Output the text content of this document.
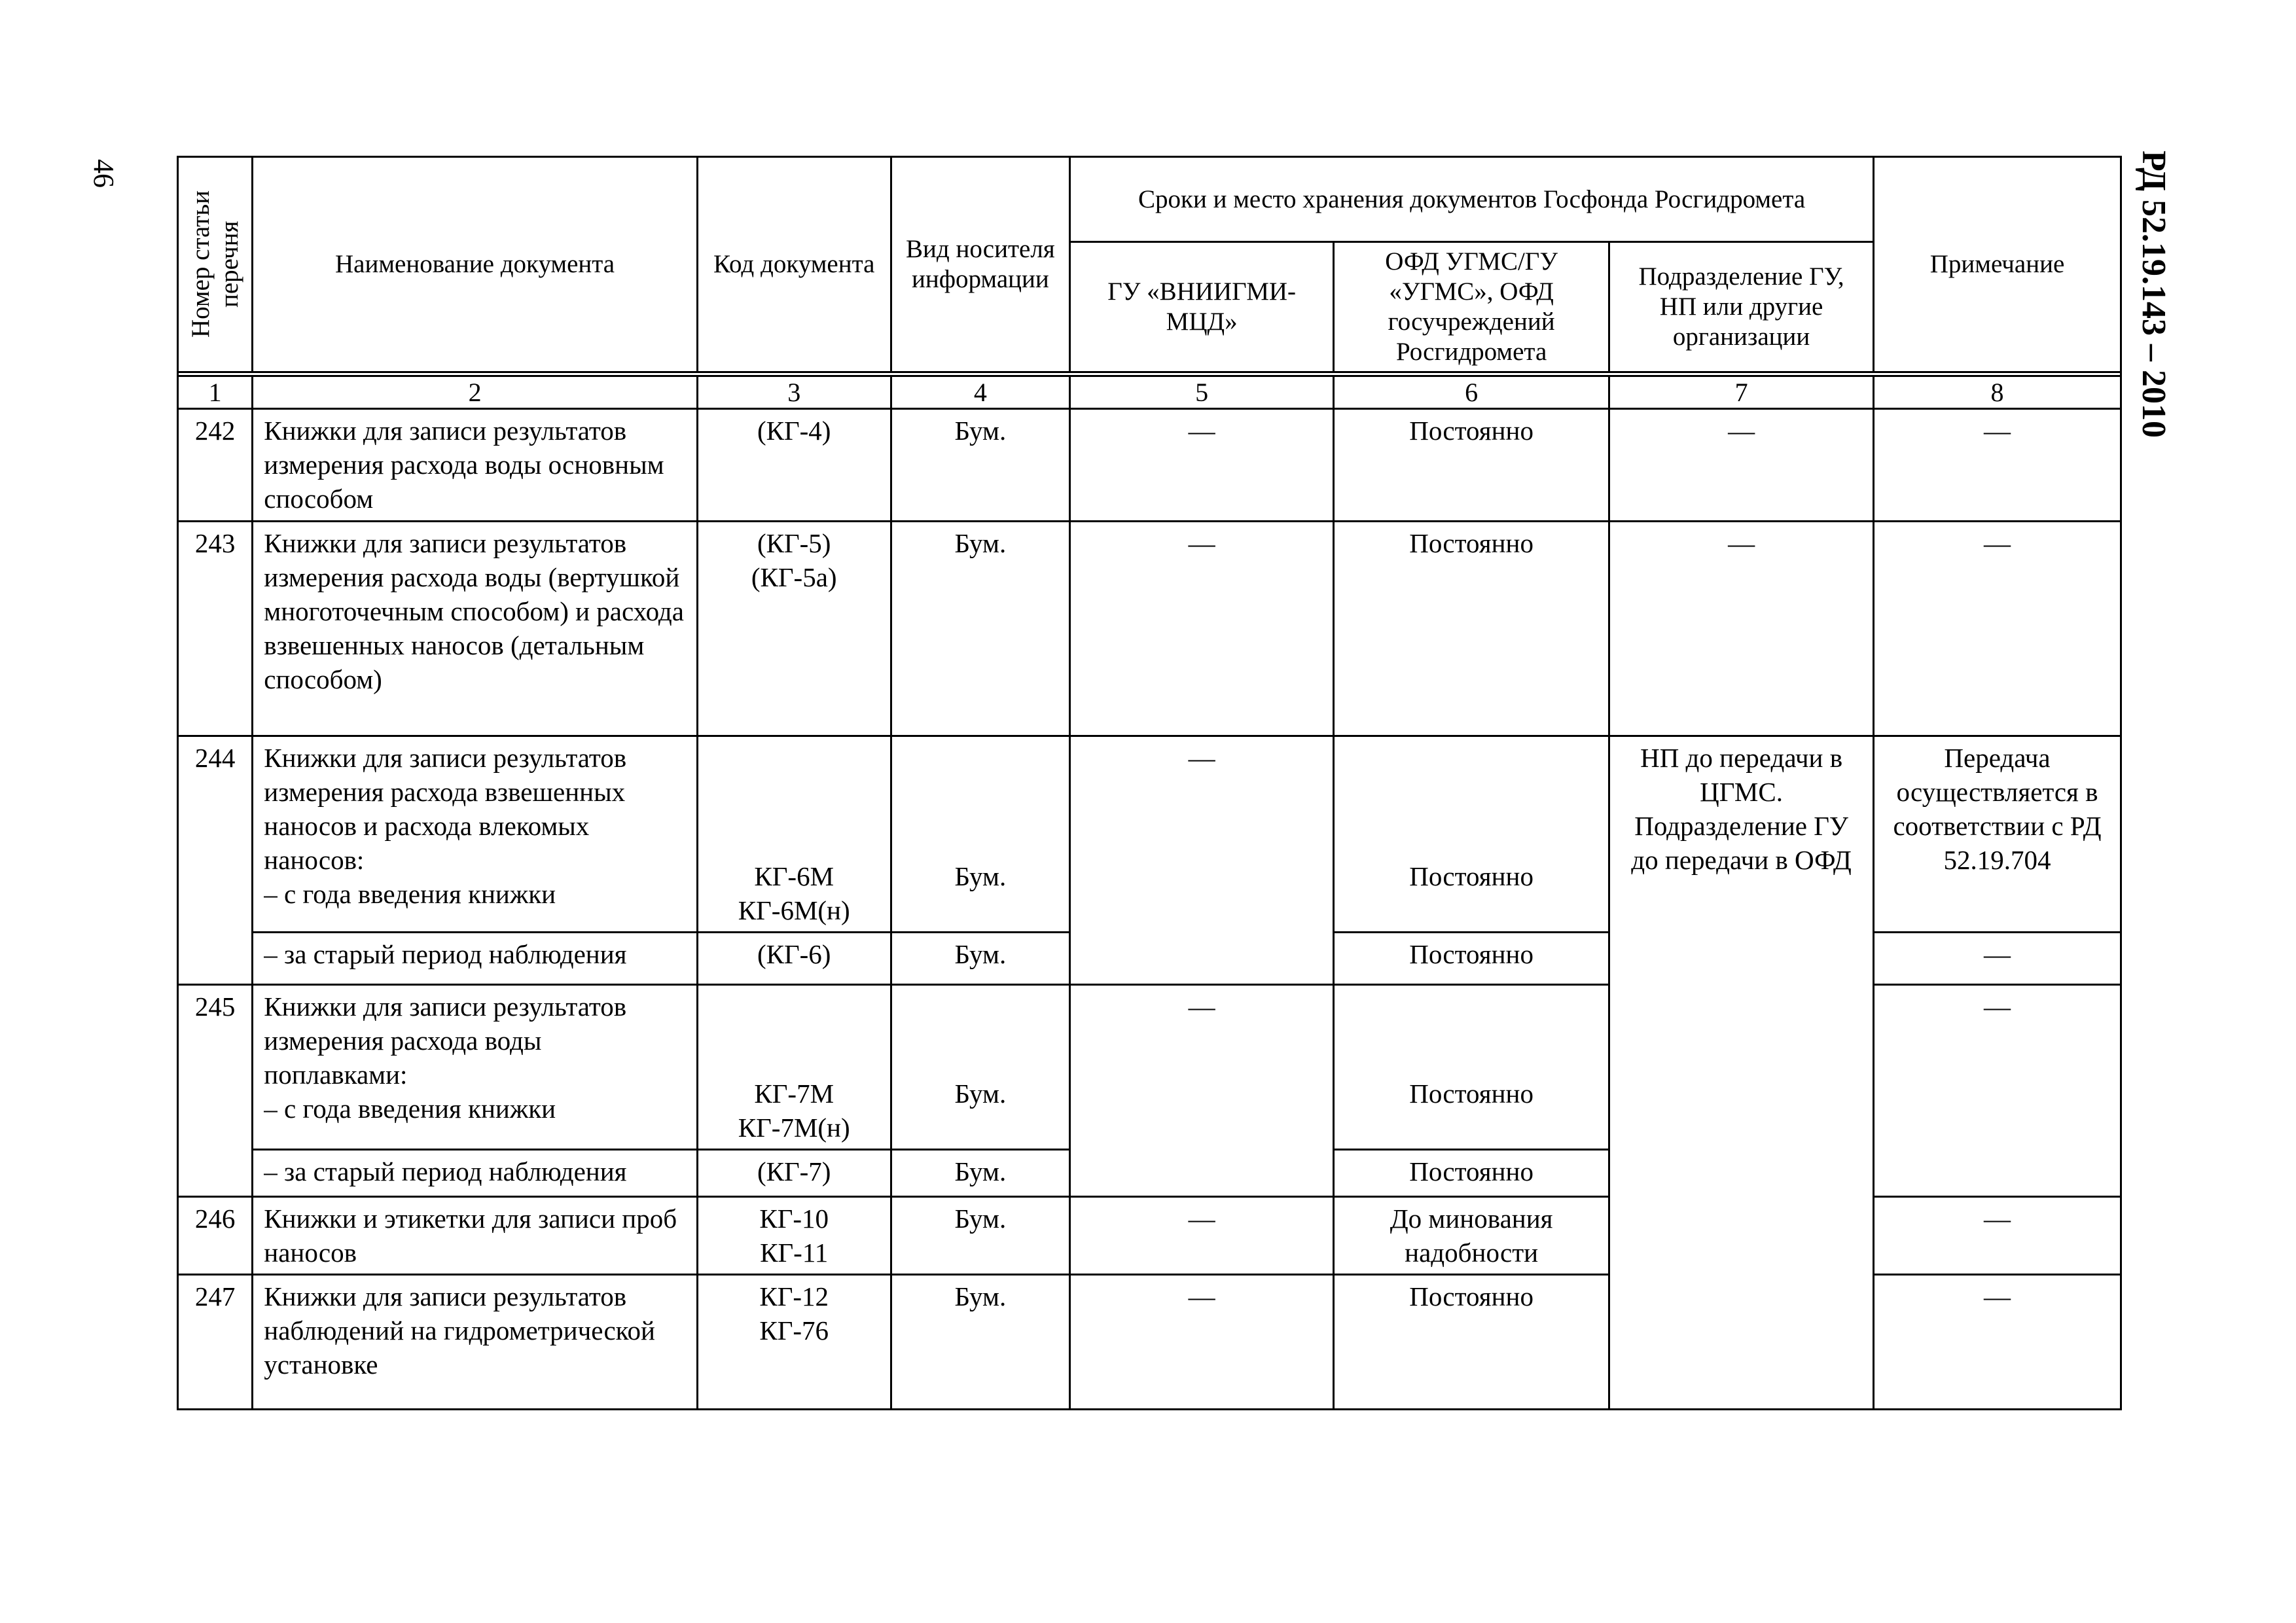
46	РД 52.19.143 – 2010
Номер статьи перечня	Наименование документа	Код документа	Вид носителя информации	Сроки и место хранения документов Госфонда Росгидромета			Примечание
				ГУ «ВНИИГМИ-МЦД»	ОФД УГМС/ГУ «УГМС», ОФД госучреждений Росгидромета	Подразделение ГУ, НП или другие организации	

1	2	3	4	5	6	7	8
242	Книжки для записи результатов измерения расхода воды основным способом	(КГ-4)	Бум.	—	Постоянно	—	—
243	Книжки для записи результатов измерения расхода воды (вертушкой многоточечным способом) и расхода взвешенных наносов (детальным способом)	(КГ-5)
(КГ-5а)	Бум.	—	Постоянно	—	—
244	Книжки для записи результатов измерения расхода взвешенных наносов и расхода влекомых наносов:
– с года введения книжки	КГ-6М
КГ-6М(н)	Бум.	—	Постоянно	НП до передачи в ЦГМС. Подразделение ГУ до передачи в ОФД	Передача осуществляется в соответствии с РД 52.19.704
	– за старый период наблюдения	(КГ-6)	Бум.		Постоянно		—
245	Книжки для записи результатов измерения расхода воды поплавками:
– с года введения книжки	КГ-7М
КГ-7М(н)	Бум.	—	Постоянно		—
	– за старый период наблюдения	(КГ-7)	Бум.		Постоянно		
246	Книжки и этикетки для записи проб наносов	КГ-10
КГ-11	Бум.	—	До минования надобности		—
247	Книжки для записи результатов наблюдений на гидрометрической установке	КГ-12
КГ-76	Бум.	—	Постоянно		—
